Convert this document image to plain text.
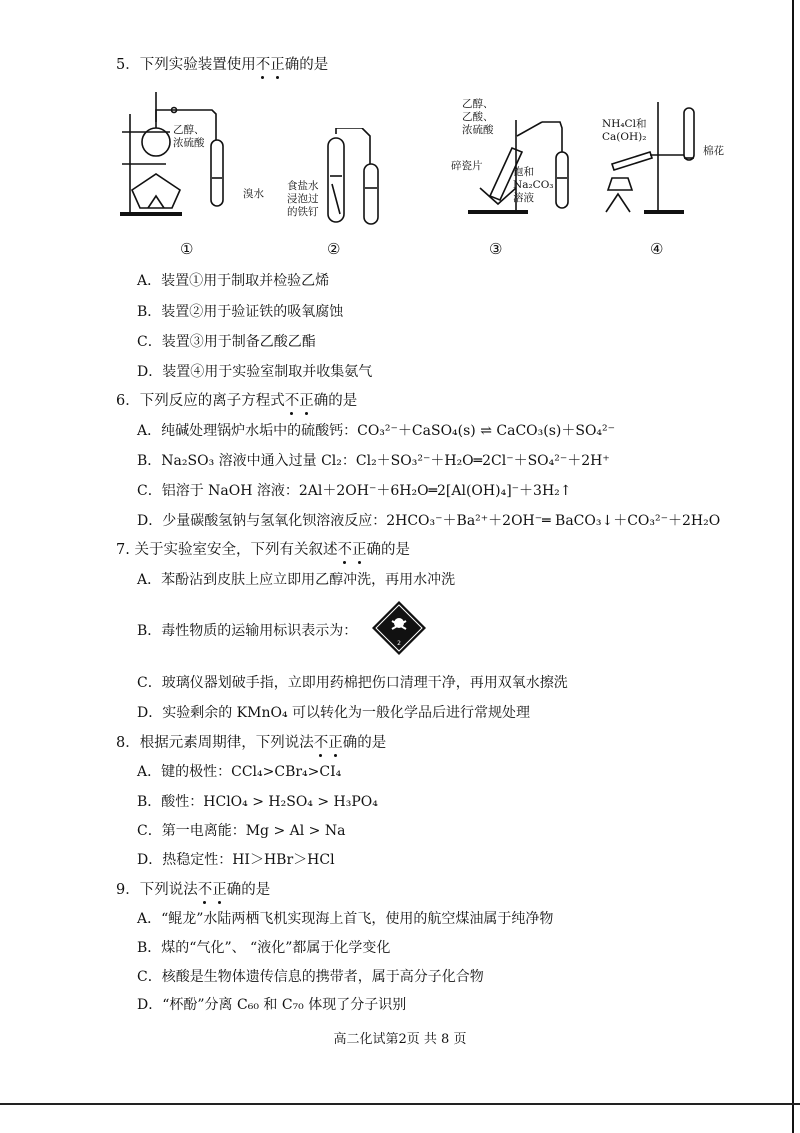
5．下列实验装置使用不正确的是
乙醇、
浓硫酸
溴水
食盐水
浸泡过
的铁钉
乙醇、
乙酸、
浓硫酸
碎瓷片	饱和
Na₂CO₃
溶液
NH₄Cl和
Ca(OH)₂
棉花
①	②	③	④
A．装置①用于制取并检验乙烯
B．装置②用于验证铁的吸氧腐蚀
C．装置③用于制备乙酸乙酯
D．装置④用于实验室制取并收集氨气
6．下列反应的离子方程式不正确的是
A．纯碱处理锅炉水垢中的硫酸钙：CO₃²⁻＋CaSO₄(s) ⇌ CaCO₃(s)＋SO₄²⁻
B．Na₂SO₃ 溶液中通入过量 Cl₂：Cl₂＋SO₃²⁻＋H₂O═2Cl⁻＋SO₄²⁻＋2H⁺
C．铝溶于 NaOH 溶液：2Al＋2OH⁻＋6H₂O═2[Al(OH)₄]⁻＋3H₂↑
D．少量碳酸氢钠与氢氧化钡溶液反应：2HCO₃⁻＋Ba²⁺＋2OH⁻═ BaCO₃↓＋CO₃²⁻＋2H₂O
7. 关于实验室安全，下列有关叙述不正确的是
A．苯酚沾到皮肤上应立即用乙醇冲洗，再用水冲洗
B．毒性物质的运输用标识表示为：
2
C．玻璃仪器划破手指，立即用药棉把伤口清理干净，再用双氧水擦洗
D．实验剩余的 KMnO₄ 可以转化为一般化学品后进行常规处理
8．根据元素周期律，下列说法不正确的是
A．键的极性：CCl₄>CBr₄>CI₄
B．酸性：HClO₄ > H₂SO₄ > H₃PO₄
C．第一电离能：Mg > Al > Na
D．热稳定性：HI＞HBr＞HCl
9．下列说法不正确的是
A．“鲲龙”水陆两栖飞机实现海上首飞，使用的航空煤油属于纯净物
B．煤的“气化”、 “液化”都属于化学变化
C．核酸是生物体遗传信息的携带者，属于高分子化合物
D．“杯酚”分离 C₆₀ 和 C₇₀ 体现了分子识别
高二化试第2页 共 8 页
